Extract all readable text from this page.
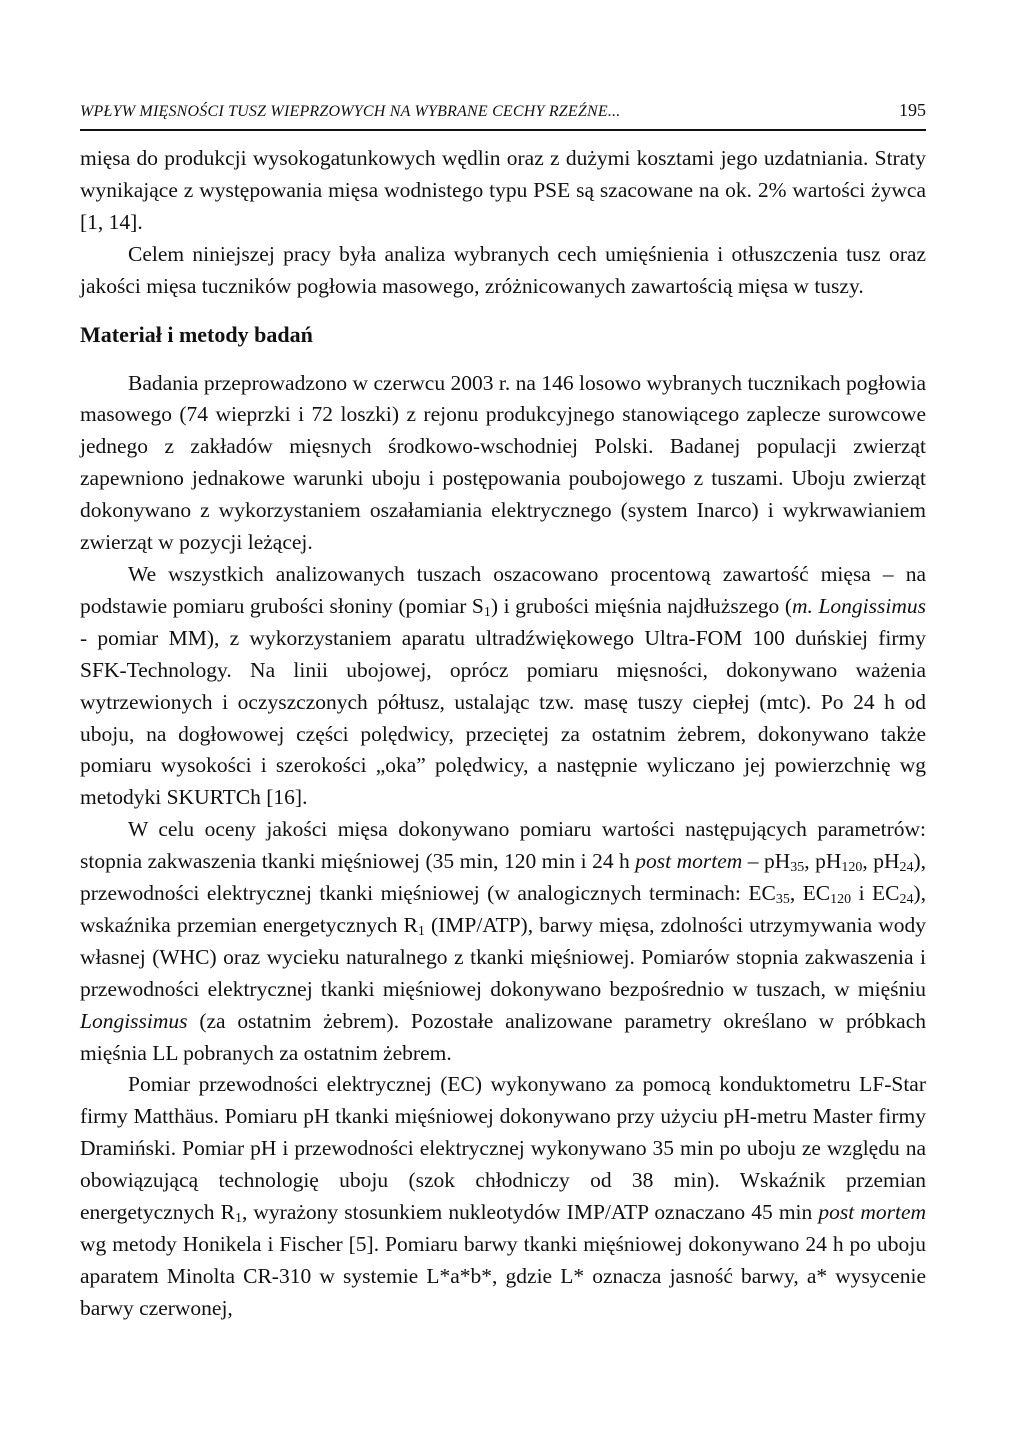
WPŁYW MIĘSNOŚCI TUSZ WIEPRZOWYCH NA WYBRANE CECHY RZEŹNE...	195

mięsa do produkcji wysokogatunkowych wędlin oraz z dużymi kosztami jego uzdatniania. Straty wynikające z występowania mięsa wodnistego typu PSE są szacowane na ok. 2% wartości żywca [1, 14].

Celem niniejszej pracy była analiza wybranych cech umięśnienia i otłuszczenia tusz oraz jakości mięsa tuczników pogłowia masowego, zróżnicowanych zawartością mięsa w tuszy.

Materiał i metody badań

Badania przeprowadzono w czerwcu 2003 r. na 146 losowo wybranych tucznikach pogłowia masowego (74 wieprzki i 72 loszki) z rejonu produkcyjnego stanowiącego zaplecze surowcowe jednego z zakładów mięsnych środkowo-wschodniej Polski. Badanej populacji zwierząt zapewniono jednakowe warunki uboju i postępowania poubojowego z tuszami. Uboju zwierząt dokonywano z wykorzystaniem oszałamiania elektrycznego (system Inarco) i wykrwawianiem zwierząt w pozycji leżącej.

We wszystkich analizowanych tuszach oszacowano procentową zawartość mięsa – na podstawie pomiaru grubości słoniny (pomiar $S_1$) i grubości mięśnia najdłuższego (m. Longissimus - pomiar MM), z wykorzystaniem aparatu ultradźwiękowego Ultra-FOM 100 duńskiej firmy SFK-Technology. Na linii ubojowej, oprócz pomiaru mięsności, dokonywano ważenia wytrzewionych i oczyszczonych półtusz, ustalając tzw. masę tuszy ciepłej (mtc). Po 24 h od uboju, na dogłowowej części polędwicy, przeciętej za ostatnim żebrem, dokonywano także pomiaru wysokości i szerokości „oka” polędwicy, a następnie wyliczano jej powierzchnię wg metodyki SKURTCh [16].

W celu oceny jakości mięsa dokonywano pomiaru wartości następujących parametrów: stopnia zakwaszenia tkanki mięśniowej (35 min, 120 min i 24 h post mortem – $pH_{35}$, $pH_{120}$, $pH_{24}$), przewodności elektrycznej tkanki mięśniowej (w analogicznych terminach: $EC_{35}$, $EC_{120}$ i $EC_{24}$), wskaźnika przemian energetycznych $R_1$ (IMP/ATP), barwy mięsa, zdolności utrzymywania wody własnej (WHC) oraz wycieku naturalnego z tkanki mięśniowej. Pomiarów stopnia zakwaszenia i przewodności elektrycznej tkanki mięśniowej dokonywano bezpośrednio w tuszach, w mięśniu Longissimus (za ostatnim żebrem). Pozostałe analizowane parametry określano w próbkach mięśnia LL pobranych za ostatnim żebrem.

Pomiar przewodności elektrycznej (EC) wykonywano za pomocą konduktometru LF-Star firmy Matthäus. Pomiaru pH tkanki mięśniowej dokonywano przy użyciu pH-metru Master firmy Dramiński. Pomiar pH i przewodności elektrycznej wykonywano 35 min po uboju ze względu na obowiązującą technologię uboju (szok chłodniczy od 38 min). Wskaźnik przemian energetycznych $R_1$, wyrażony stosunkiem nukleotydów IMP/ATP oznaczano 45 min post mortem wg metody Honikela i Fischer [5]. Pomiaru barwy tkanki mięśniowej dokonywano 24 h po uboju aparatem Minolta CR-310 w systemie L*a*b*, gdzie L* oznacza jasność barwy, a* wysycenie barwy czerwonej,
